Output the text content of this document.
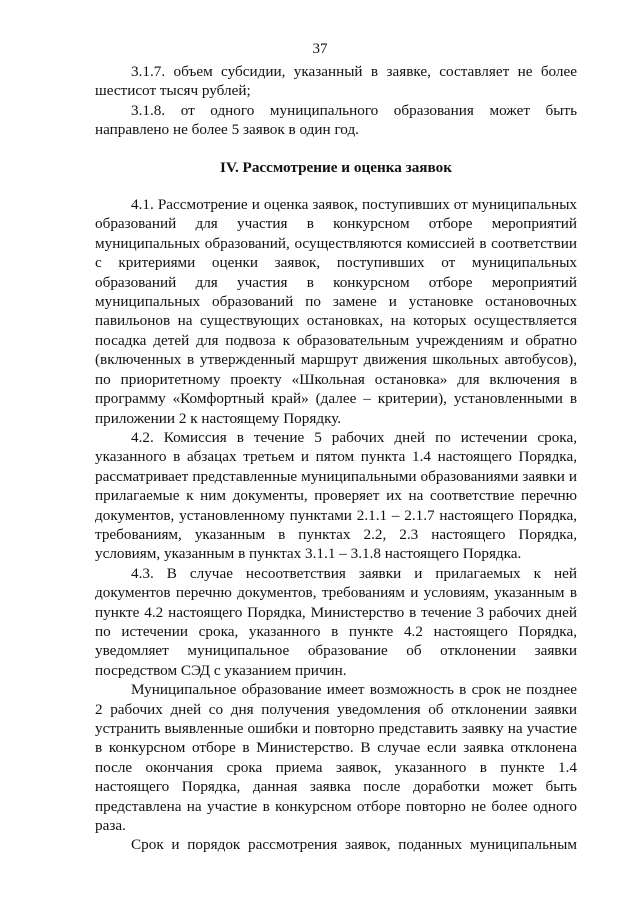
37

3.1.7. объем субсидии, указанный в заявке, составляет не более шестисот тысяч рублей;

3.1.8. от одного муниципального образования может быть направлено не более 5 заявок в один год.

IV. Рассмотрение и оценка заявок

4.1. Рассмотрение и оценка заявок, поступивших от муниципальных образований для участия в конкурсном отборе мероприятий муниципальных образований, осуществляются комиссией в соответствии с критериями оценки заявок, поступивших от муниципальных образований для участия в конкурсном отборе мероприятий муниципальных образований по замене и установке остановочных павильонов на существующих остановках, на которых осуществляется посадка детей для подвоза к образовательным учреждениям и обратно (включенных в утвержденный маршрут движения школьных автобусов), по приоритетному проекту «Школьная остановка» для включения в программу «Комфортный край» (далее – критерии), установленными в приложении 2 к настоящему Порядку.

4.2. Комиссия в течение 5 рабочих дней по истечении срока, указанного в абзацах третьем и пятом пункта 1.4 настоящего Порядка, рассматривает представленные муниципальными образованиями заявки и прилагаемые к ним документы, проверяет их на соответствие перечню документов, установленному пунктами 2.1.1 – 2.1.7 настоящего Порядка, требованиям, указанным в пунктах 2.2, 2.3 настоящего Порядка, условиям, указанным в пунктах 3.1.1 – 3.1.8 настоящего Порядка.

4.3. В случае несоответствия заявки и прилагаемых к ней документов перечню документов, требованиям и условиям, указанным в пункте 4.2 настоящего Порядка, Министерство в течение 3 рабочих дней по истечении срока, указанного в пункте 4.2 настоящего Порядка, уведомляет муниципальное образование об отклонении заявки посредством СЭД с указанием причин.

Муниципальное образование имеет возможность в срок не позднее 2 рабочих дней со дня получения уведомления об отклонении заявки устранить выявленные ошибки и повторно представить заявку на участие в конкурсном отборе в Министерство. В случае если заявка отклонена после окончания срока приема заявок, указанного в пункте 1.4 настоящего Порядка, данная заявка после доработки может быть представлена на участие в конкурсном отборе повторно не более одного раза.

Срок и порядок рассмотрения заявок, поданных муниципальным
